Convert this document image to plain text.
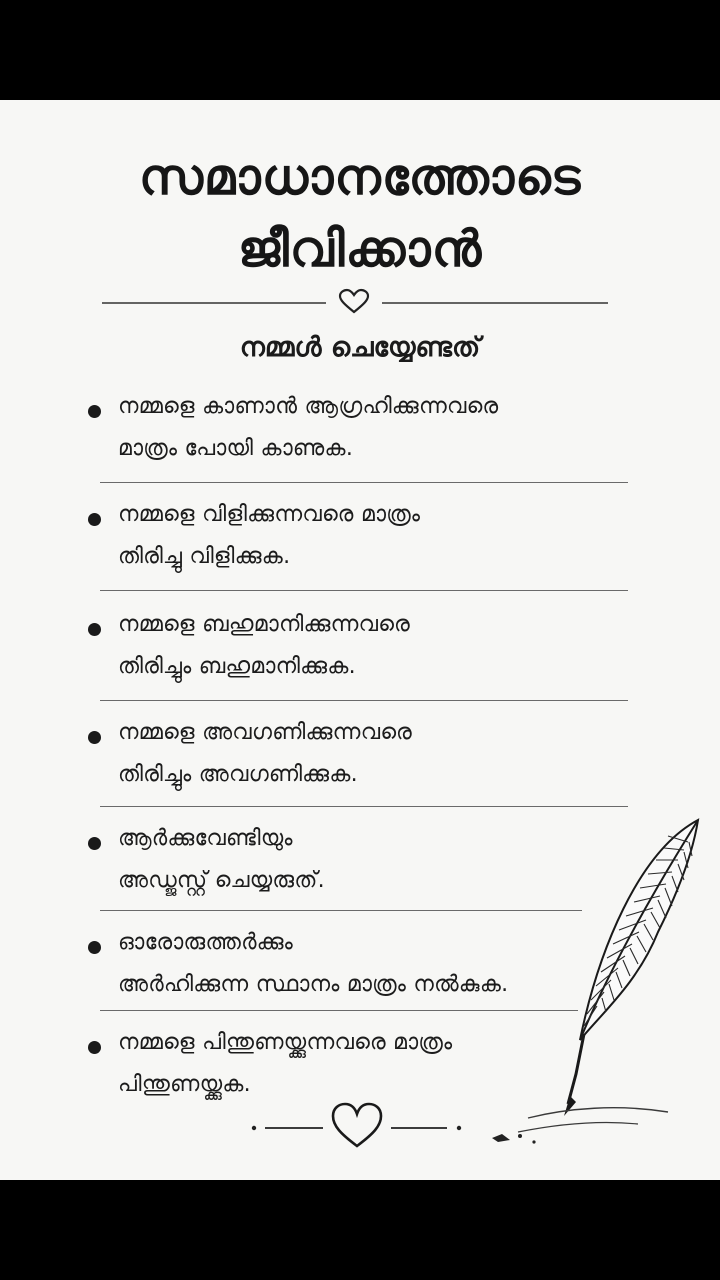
സമാധാനത്തോടെ
ജീവിക്കാൻ
നമ്മൾ ചെയ്യേണ്ടത്
നമ്മളെ കാണാൻ ആഗ്രഹിക്കുന്നവരെ
മാത്രം പോയി കാണുക.
നമ്മളെ വിളിക്കുന്നവരെ മാത്രം
തിരിച്ചു വിളിക്കുക.
നമ്മളെ ബഹുമാനിക്കുന്നവരെ
തിരിച്ചും ബഹുമാനിക്കുക.
നമ്മളെ അവഗണിക്കുന്നവരെ
തിരിച്ചും അവഗണിക്കുക.
ആർക്കുവേണ്ടിയും
അഡ്ജസ്റ്റ് ചെയ്യരുത്.
ഓരോരുത്തർക്കും
അർഹിക്കുന്ന സ്ഥാനം മാത്രം നൽകുക.
നമ്മളെ പിന്തുണയ്ക്കുന്നവരെ മാത്രം
പിന്തുണയ്ക്കുക.
